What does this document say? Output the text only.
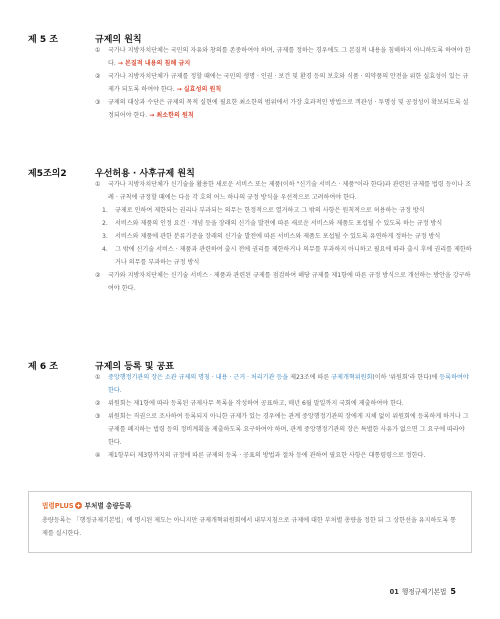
제 5 조	규제의 원칙
① 국가나 지방자치단체는 국민의 자유와 창의를 존중하여야 하며, 규제를 정하는 경우에도 그 본질적 내용을 침해하지 아니하도록 하여야 한다. → 본질적 내용의 침해 금지
② 국가나 지방자치단체가 규제를 정할 때에는 국민의 생명 · 인권 · 보건 및 환경 등의 보호와 식품 · 의약품의 안전을 위한 실효성이 있는 규제가 되도록 하여야 한다. → 실효성의 원칙
③ 규제의 대상과 수단은 규제의 목적 실현에 필요한 최소한의 범위에서 가장 효과적인 방법으로 객관성 · 투명성 및 공정성이 확보되도록 설정되어야 한다. → 최소한의 원칙
제5조의2	우선허용 · 사후규제 원칙
① 국가나 지방자치단체가 신기술을 활용한 새로운 서비스 또는 제품(이하 "신기술 서비스 · 제품"이라 한다)과 관련된 규제를 법령 등이나 조례 · 규칙에 규정할 때에는 다음 각 호의 어느 하나의 규정 방식을 우선적으로 고려하여야 한다.
1. 규제로 인하여 제한되는 권리나 부과되는 의무는 한정적으로 열거하고 그 밖의 사항은 원칙적으로 허용하는 규정 방식
2. 서비스와 제품의 인정 요건 · 개념 등을 장래의 신기술 발전에 따른 새로운 서비스와 제품도 포섭될 수 있도록 하는 규정 방식
3. 서비스와 제품에 관한 분류기준을 장래의 신기술 발전에 따른 서비스와 제품도 포섭될 수 있도록 유연하게 정하는 규정 방식
4. 그 밖에 신기술 서비스 · 제품과 관련하여 출시 전에 권리를 제한하거나 의무를 부과하지 아니하고 필요에 따라 출시 후에 권리를 제한하거나 의무를 부과하는 규정 방식
② 국가와 지방자치단체는 신기술 서비스 · 제품과 관련된 규제를 점검하여 해당 규제를 제1항에 따른 규정 방식으로 개선하는 방안을 강구하여야 한다.
제 6 조	규제의 등록 및 공표
① 중앙행정기관의 장은 소관 규제의 명칭 · 내용 · 근거 · 처리기관 등을 제23조에 따른 규제개혁위원회(이하 '위원회'라 한다)에 등록하여야 한다.
② 위원회는 제1항에 따라 등록된 규제사무 목록을 작성하여 공표하고, 매년 6월 말일까지 국회에 제출하여야 한다.
③ 위원회는 직권으로 조사하여 등록되지 아니한 규제가 있는 경우에는 관계 중앙행정기관의 장에게 지체 없이 위원회에 등록하게 하거나 그 규제를 폐지하는 법령 등의 정비계획을 제출하도록 요구하여야 하며, 관계 중앙행정기관의 장은 특별한 사유가 없으면 그 요구에 따라야 한다.
④ 제1항부터 제3항까지의 규정에 따른 규제의 등록 · 공표의 방법과 절차 등에 관하여 필요한 사항은 대통령령으로 정한다.
법령PLUS 부처별 총량등록
총량등록는 「행정규제기본법」에 명시된 제도는 아니지만 규제개혁위원회에서 내부지침으로 규제에 대한 부처별 총량을 정한 뒤 그 상한선을 유지하도록 통제를 실시한다.
01 행정규제기본법 5
